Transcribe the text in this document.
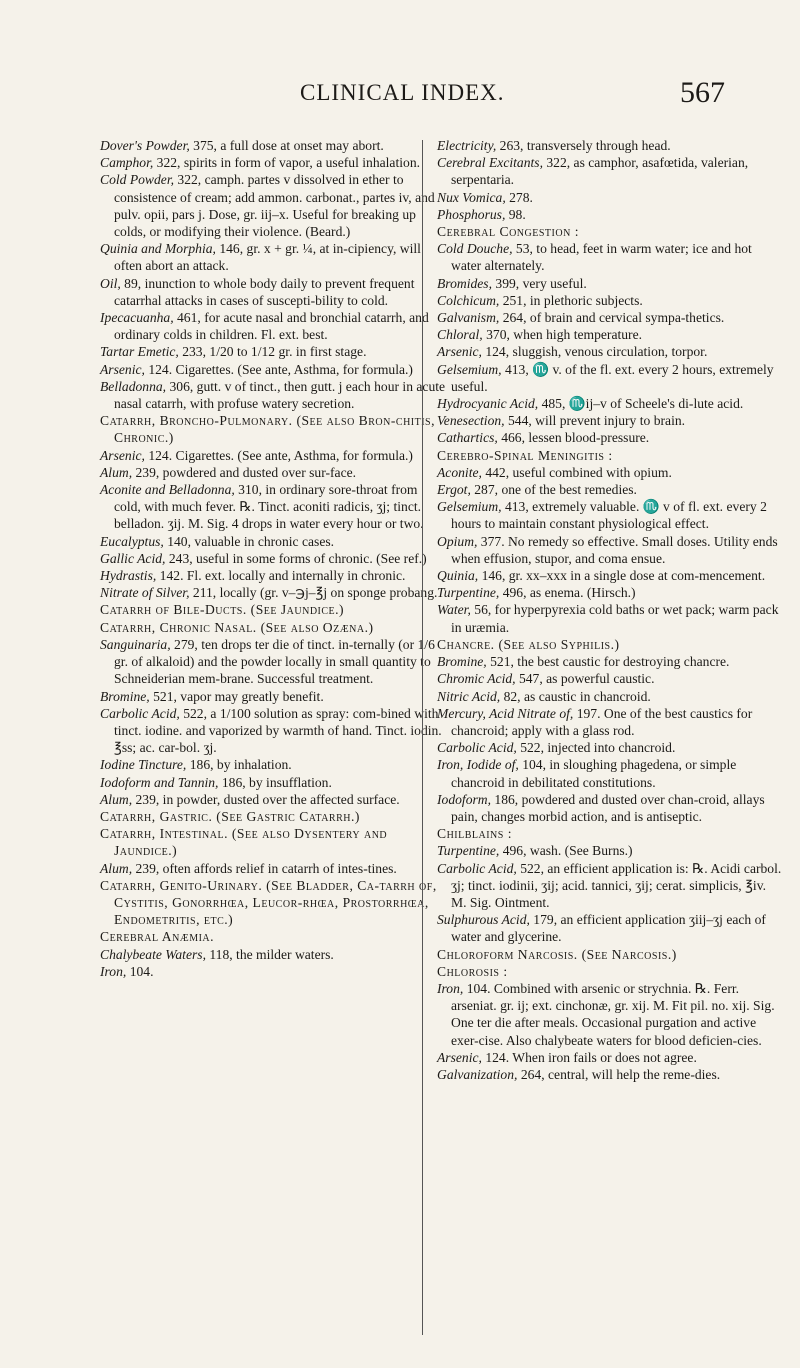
CLINICAL INDEX.	567

Dover's Powder, 375, a full dose at onset may abort.

Camphor, 322, spirits in form of vapor, a useful inhalation.

Cold Powder, 322, camph. partes v dissolved in ether to consistence of cream; add ammon. carbonat., partes iv, and pulv. opii, pars j. Dose, gr. iij–x. Useful for breaking up colds, or modifying their violence. (Beard.)

Quinia and Morphia, 146, gr. x + gr. ¼, at in-cipiency, will often abort an attack.

Oil, 89, inunction to whole body daily to prevent frequent catarrhal attacks in cases of suscepti-bility to cold.

Ipecacuanha, 461, for acute nasal and bronchial catarrh, and ordinary colds in children. Fl. ext. best.

Tartar Emetic, 233, 1/20 to 1/12 gr. in first stage.

Arsenic, 124. Cigarettes. (See ante, Asthma, for formula.)

Belladonna, 306, gutt. v of tinct., then gutt. j each hour in acute nasal catarrh, with profuse watery secretion.

Catarrh, Broncho-Pulmonary. (See also Bron-chitis, Chronic.)

Arsenic, 124. Cigarettes. (See ante, Asthma, for formula.)

Alum, 239, powdered and dusted over sur-face.

Aconite and Belladonna, 310, in ordinary sore-throat from cold, with much fever. ℞. Tinct. aconiti radicis, ʒj; tinct. belladon. ʒij. M. Sig. 4 drops in water every hour or two.

Eucalyptus, 140, valuable in chronic cases.

Gallic Acid, 243, useful in some forms of chronic. (See ref.)

Hydrastis, 142. Fl. ext. locally and internally in chronic.

Nitrate of Silver, 211, locally (gr. v–℈j–℥j on sponge probang.

Catarrh of Bile-Ducts. (See Jaundice.)

Catarrh, Chronic Nasal. (See also Ozæna.)

Sanguinaria, 279, ten drops ter die of tinct. in-ternally (or 1/6 gr. of alkaloid) and the powder locally in small quantity to Schneiderian mem-brane. Successful treatment.

Bromine, 521, vapor may greatly benefit.

Carbolic Acid, 522, a 1/100 solution as spray: com-bined with tinct. iodine. and vaporized by warmth of hand. Tinct. iodin. ℥ss; ac. car-bol. ʒj.

Iodine Tincture, 186, by inhalation.

Iodoform and Tannin, 186, by insufflation.

Alum, 239, in powder, dusted over the affected surface.

Catarrh, Gastric. (See Gastric Catarrh.)

Catarrh, Intestinal. (See also Dysentery and Jaundice.)

Alum, 239, often affords relief in catarrh of intes-tines.

Catarrh, Genito-Urinary. (See Bladder, Ca-tarrh of, Cystitis, Gonorrhœa, Leucor-rhœa, Prostorrhœa, Endometritis, etc.)

Cerebral Anæmia.

Chalybeate Waters, 118, the milder waters.

Iron, 104.

Electricity, 263, transversely through head.

Cerebral Excitants, 322, as camphor, asafœtida, valerian, serpentaria.

Nux Vomica, 278.

Phosphorus, 98.

Cerebral Congestion :

Cold Douche, 53, to head, feet in warm water; ice and hot water alternately.

Bromides, 399, very useful.

Colchicum, 251, in plethoric subjects.

Galvanism, 264, of brain and cervical sympa-thetics.

Chloral, 370, when high temperature.

Arsenic, 124, sluggish, venous circulation, torpor.

Gelsemium, 413, ♏ v. of the fl. ext. every 2 hours, extremely useful.

Hydrocyanic Acid, 485, ♏ij–v of Scheele's di-lute acid.

Venesection, 544, will prevent injury to brain.

Cathartics, 466, lessen blood-pressure.

Cerebro-Spinal Meningitis :

Aconite, 442, useful combined with opium.

Ergot, 287, one of the best remedies.

Gelsemium, 413, extremely valuable. ♏ v of fl. ext. every 2 hours to maintain constant physiological effect.

Opium, 377. No remedy so effective. Small doses. Utility ends when effusion, stupor, and coma ensue.

Quinia, 146, gr. xx–xxx in a single dose at com-mencement.

Turpentine, 496, as enema. (Hirsch.)

Water, 56, for hyperpyrexia cold baths or wet pack; warm pack in uræmia.

Chancre. (See also Syphilis.)

Bromine, 521, the best caustic for destroying chancre.

Chromic Acid, 547, as powerful caustic.

Nitric Acid, 82, as caustic in chancroid.

Mercury, Acid Nitrate of, 197. One of the best caustics for chancroid; apply with a glass rod.

Carbolic Acid, 522, injected into chancroid.

Iron, Iodide of, 104, in sloughing phagedena, or simple chancroid in debilitated constitutions.

Iodoform, 186, powdered and dusted over chan-croid, allays pain, changes morbid action, and is antiseptic.

Chilblains :

Turpentine, 496, wash. (See Burns.)

Carbolic Acid, 522, an efficient application is: ℞. Acidi carbol. ʒj; tinct. iodinii, ʒij; acid. tannici, ʒij; cerat. simplicis, ℥iv. M. Sig. Ointment.

Sulphurous Acid, 179, an efficient application ʒiij–ʒj each of water and glycerine.

Chloroform Narcosis. (See Narcosis.)

Chlorosis :

Iron, 104. Combined with arsenic or strychnia. ℞. Ferr. arseniat. gr. ij; ext. cinchonæ, gr. xij. M. Fit pil. no. xij. Sig. One ter die after meals. Occasional purgation and active exer-cise. Also chalybeate waters for blood deficien-cies.

Arsenic, 124. When iron fails or does not agree.

Galvanization, 264, central, will help the reme-dies.
